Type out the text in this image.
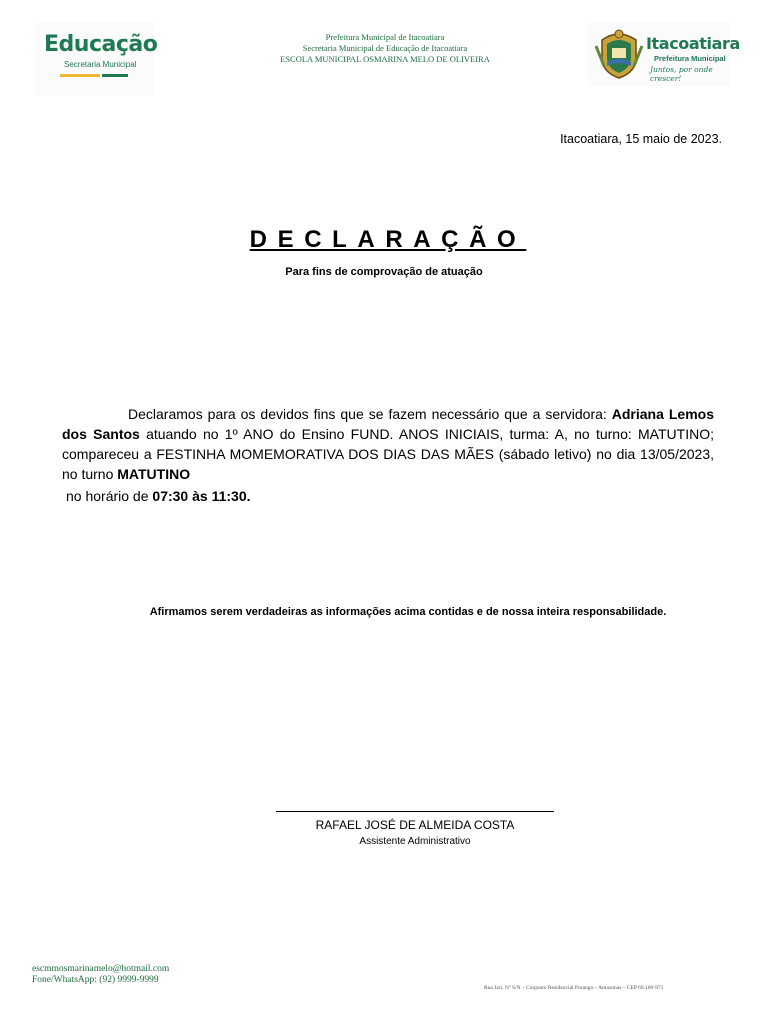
Educação
Secretaria Municipal
Prefeitura Municipal de Itacoatiara
Secretaria Municipal de Educação de Itacoatiara
ESCOLA MUNICIPAL OSMARINA MELO DE OLIVEIRA
Itacoatiara
Prefeitura Municipal
Juntos, por onde crescer!
Itacoatiara, 15 maio de 2023.
DECLARAÇÃO
Para fins de comprovação de atuação
Declaramos para os devidos fins que se fazem necessário que a servidora: Adriana Lemos dos Santos atuando no 1º ANO do Ensino FUND. ANOS INICIAIS, turma: A, no turno: MATUTINO; compareceu a FESTINHA MOMEMORATIVA DOS DIAS DAS MÃES (sábado letivo) no dia 13/05/2023, no turno MATUTINO
no horário de 07:30 às 11:30.
Afirmamos serem verdadeiras as informações acima contidas e de nossa inteira responsabilidade.
RAFAEL JOSÉ DE ALMEIDA COSTA
Assistente Administrativo
escmmosmarinamelo@hotmail.com
Fone/WhatsApp: (92) 9999-9999
Rua Jari, Nº S/N – Conjunto Residencial Poranga – Amazonas – CEP 69.100-971
